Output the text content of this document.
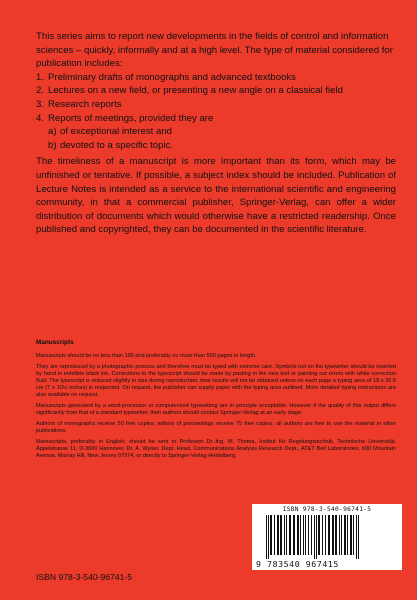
This series aims to report new developments in the fields of control and information sciences – quickly, informally and at a high level. The type of material considered for publication includes:

1. Preliminary drafts of monographs and advanced textbooks
2. Lectures on a new field, or presenting a new angle on a classical field
3. Research reports
4. Reports of meetings, provided they are
a) of exceptional interest and
b) devoted to a specific topic.

The timeliness of a manuscript is more important than its form, which may be unfinished or tentative. If possible, a subject index should be included. Publication of Lecture Notes is intended as a service to the international scientific and engineering community, in that a commercial publisher, Springer-Verlag, can offer a wider distribution of documents which would otherwise have a restricted readership. Once published and copyrighted, they can be documented in the scientific literature.

Manuscripts

Manuscripts should be no less than 100 and preferably no more than 500 pages in length.

They are reproduced by a photographic process and therefore must be typed with extreme care. Symbols not on the typewriter should be inserted by hand in indelible black ink. Corrections to the typescript should be made by pasting in the new text or painting out errors with white correction fluid. The typescript is reduced slightly in size during reproduction; best results will not be obtained unless on each page a typing area of 18 x 26.5 cm (7 x 10½ inches) is respected. On request, the publisher can supply paper with the typing area outlined. More detailed typing instructions are also available on request.

Manuscripts generated by a word-processor or computerized typesetting are in principle acceptable. However if the quality of this output differs significantly from that of a standard typewriter, then authors should contact Springer-Verlag at an early stage.

Authors of monographs receive 50 free copies; editors of proceedings receive 75 free copies; all authors are free to use the material in other publications.

Manuscripts, preferably in English, should be sent to Professor Dr.-Ing. M. Thoma, Institut für Regelungstechnik, Technische Universität, Appelstrasse 11, D-3000 Hannover, Dr. A. Wyner, Dept. Head, Communications Analysis Research Dept., AT&T Bell Laboratories, 600 Mountain Avenue, Murray Hill, New Jersey 07974, or directly to Springer-Verlag Heidelberg.

ISBN 978-3-540-96741-5
9 783540 967415
ISBN 978-3-540-96741-5
